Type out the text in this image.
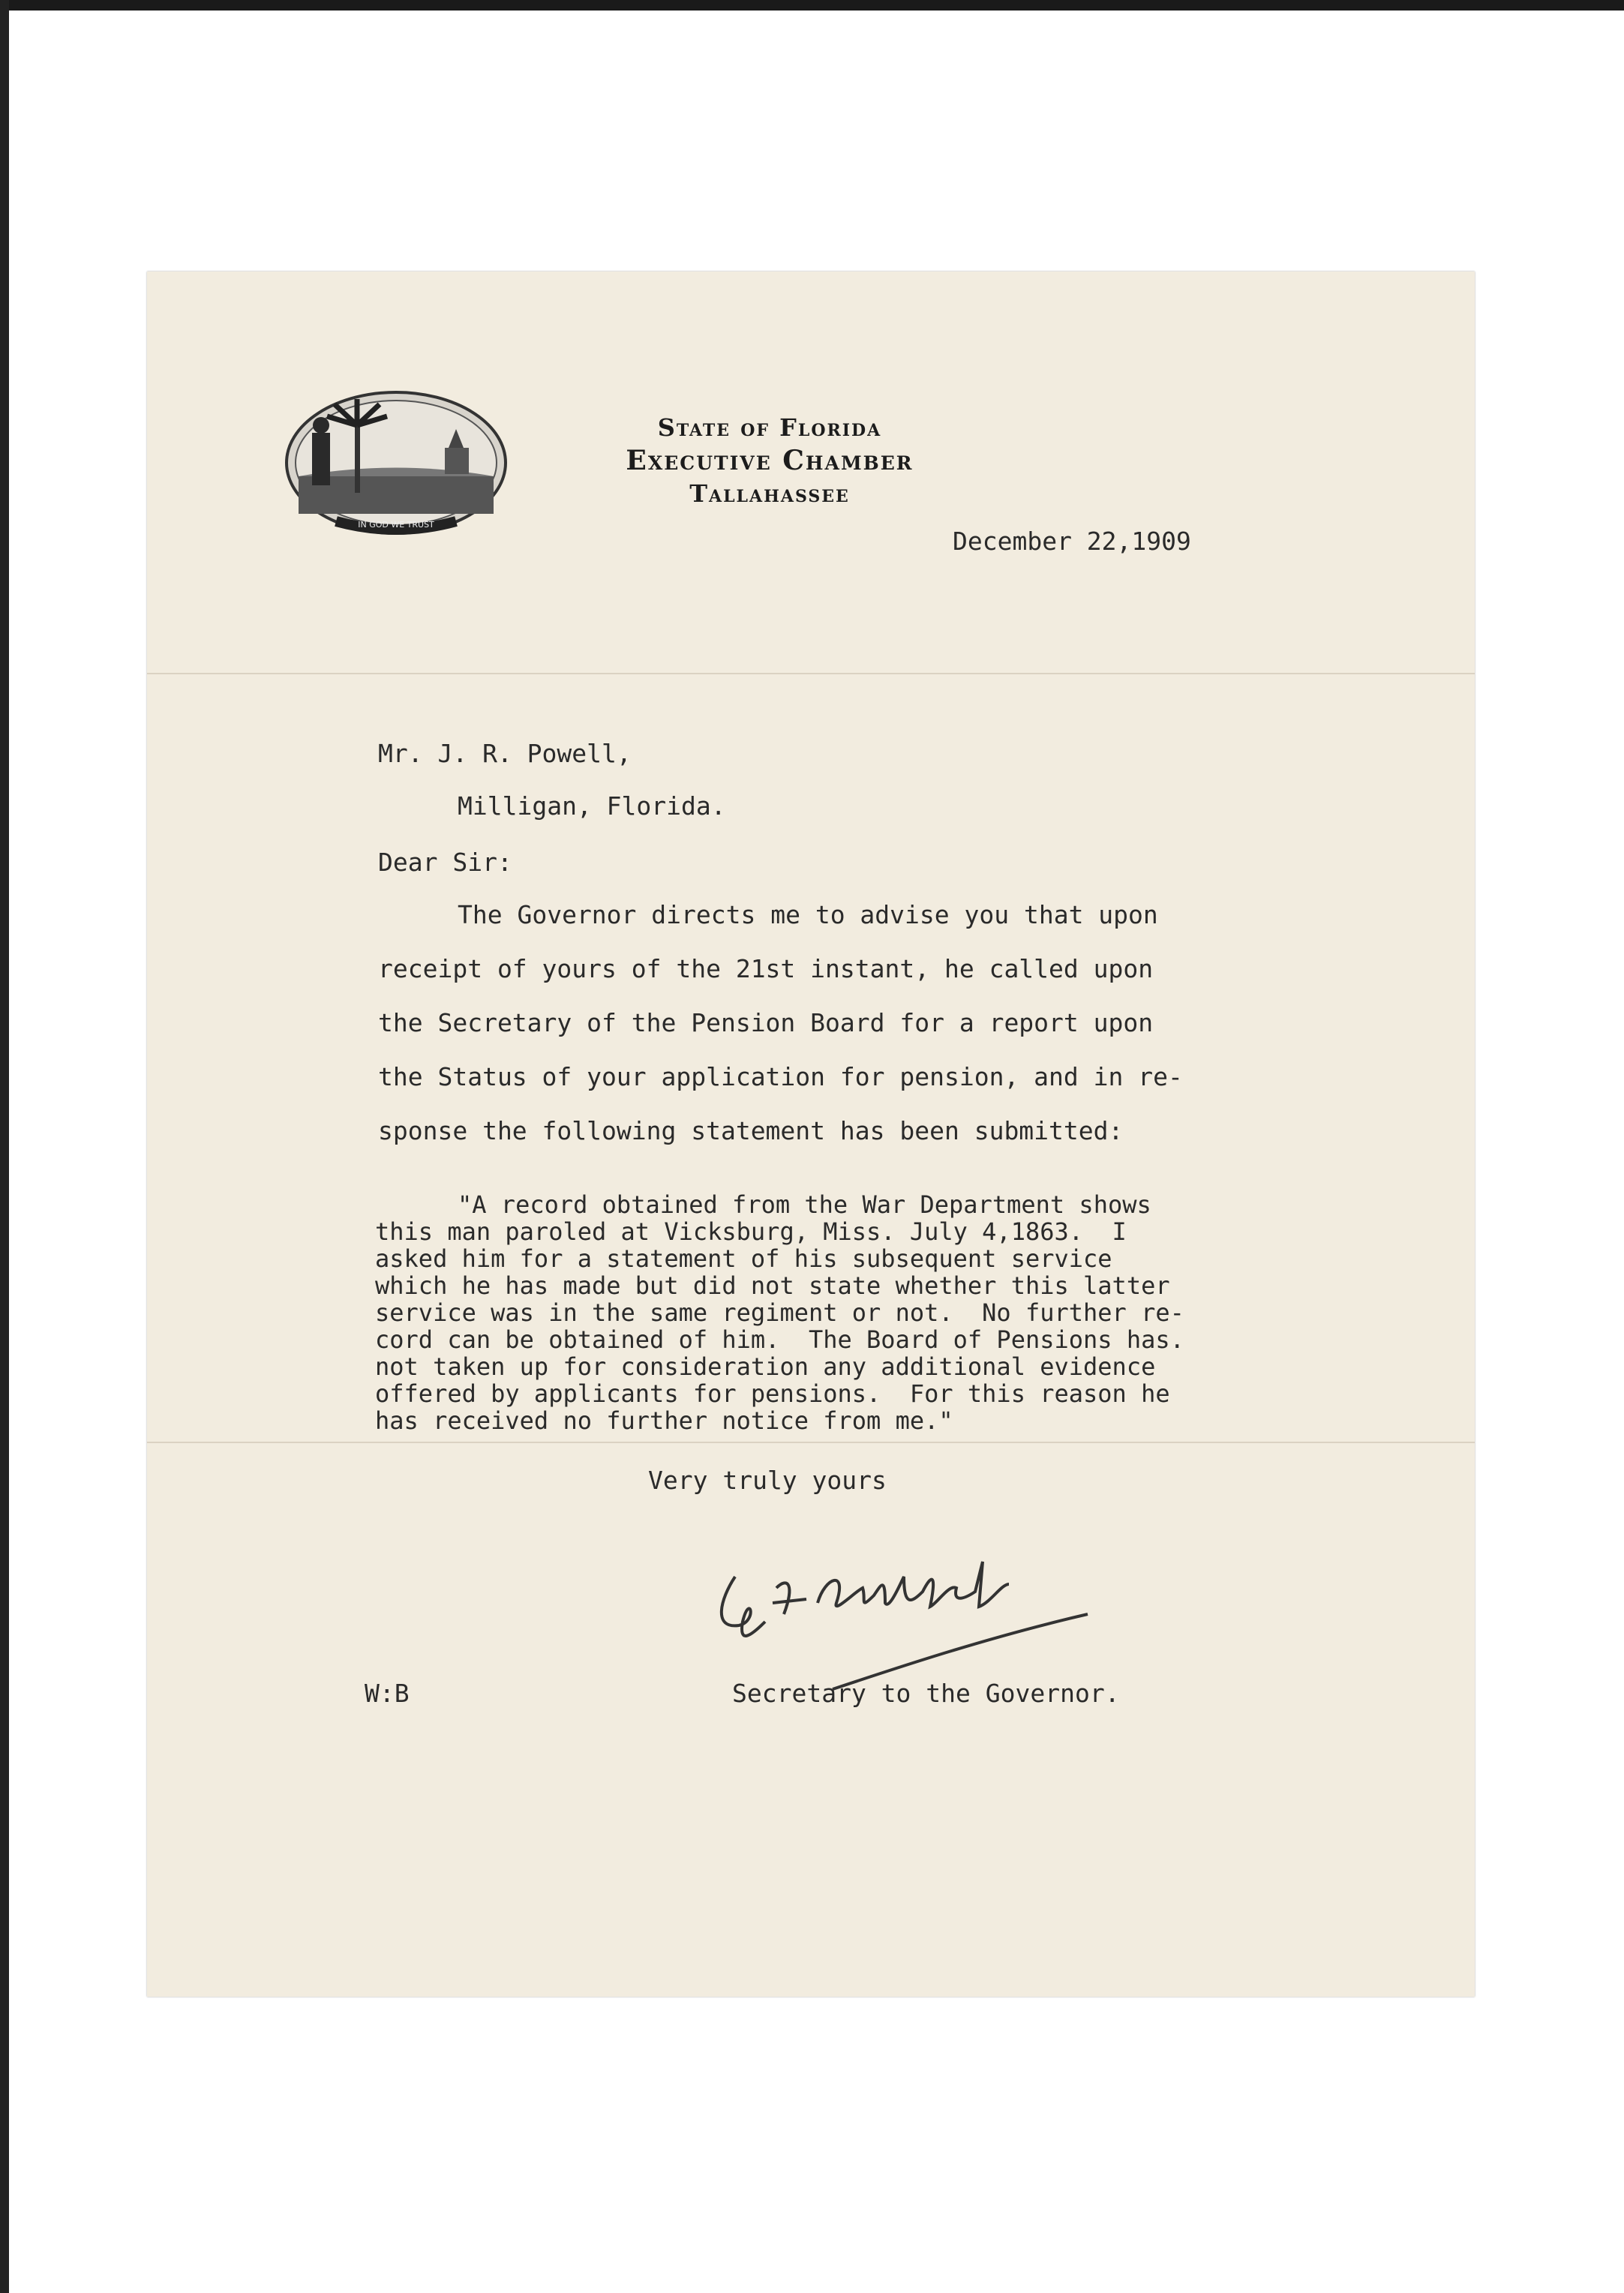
IN GOD WE TRUST
State of Florida
Executive Chamber
Tallahassee
December 22,1909
Mr. J. R. Powell,
Milligan, Florida.
Dear Sir:
The Governor directs me to advise you that upon
receipt of yours of the 21st instant, he called upon
the Secretary of the Pension Board for a report upon
the Status of your application for pension, and in re-
sponse the following statement has been submitted:
"A record obtained from the War Department shows
this man paroled at Vicksburg, Miss. July 4,1863.  I
asked him for a statement of his subsequent service
which he has made but did not state whether this latter
service was in the same regiment or not.  No further re-
cord can be obtained of him.  The Board of Pensions has.
not taken up for consideration any additional evidence
offered by applicants for pensions.  For this reason he
has received no further notice from me."
Very truly yours
Secretary to the Governor.
W:B
